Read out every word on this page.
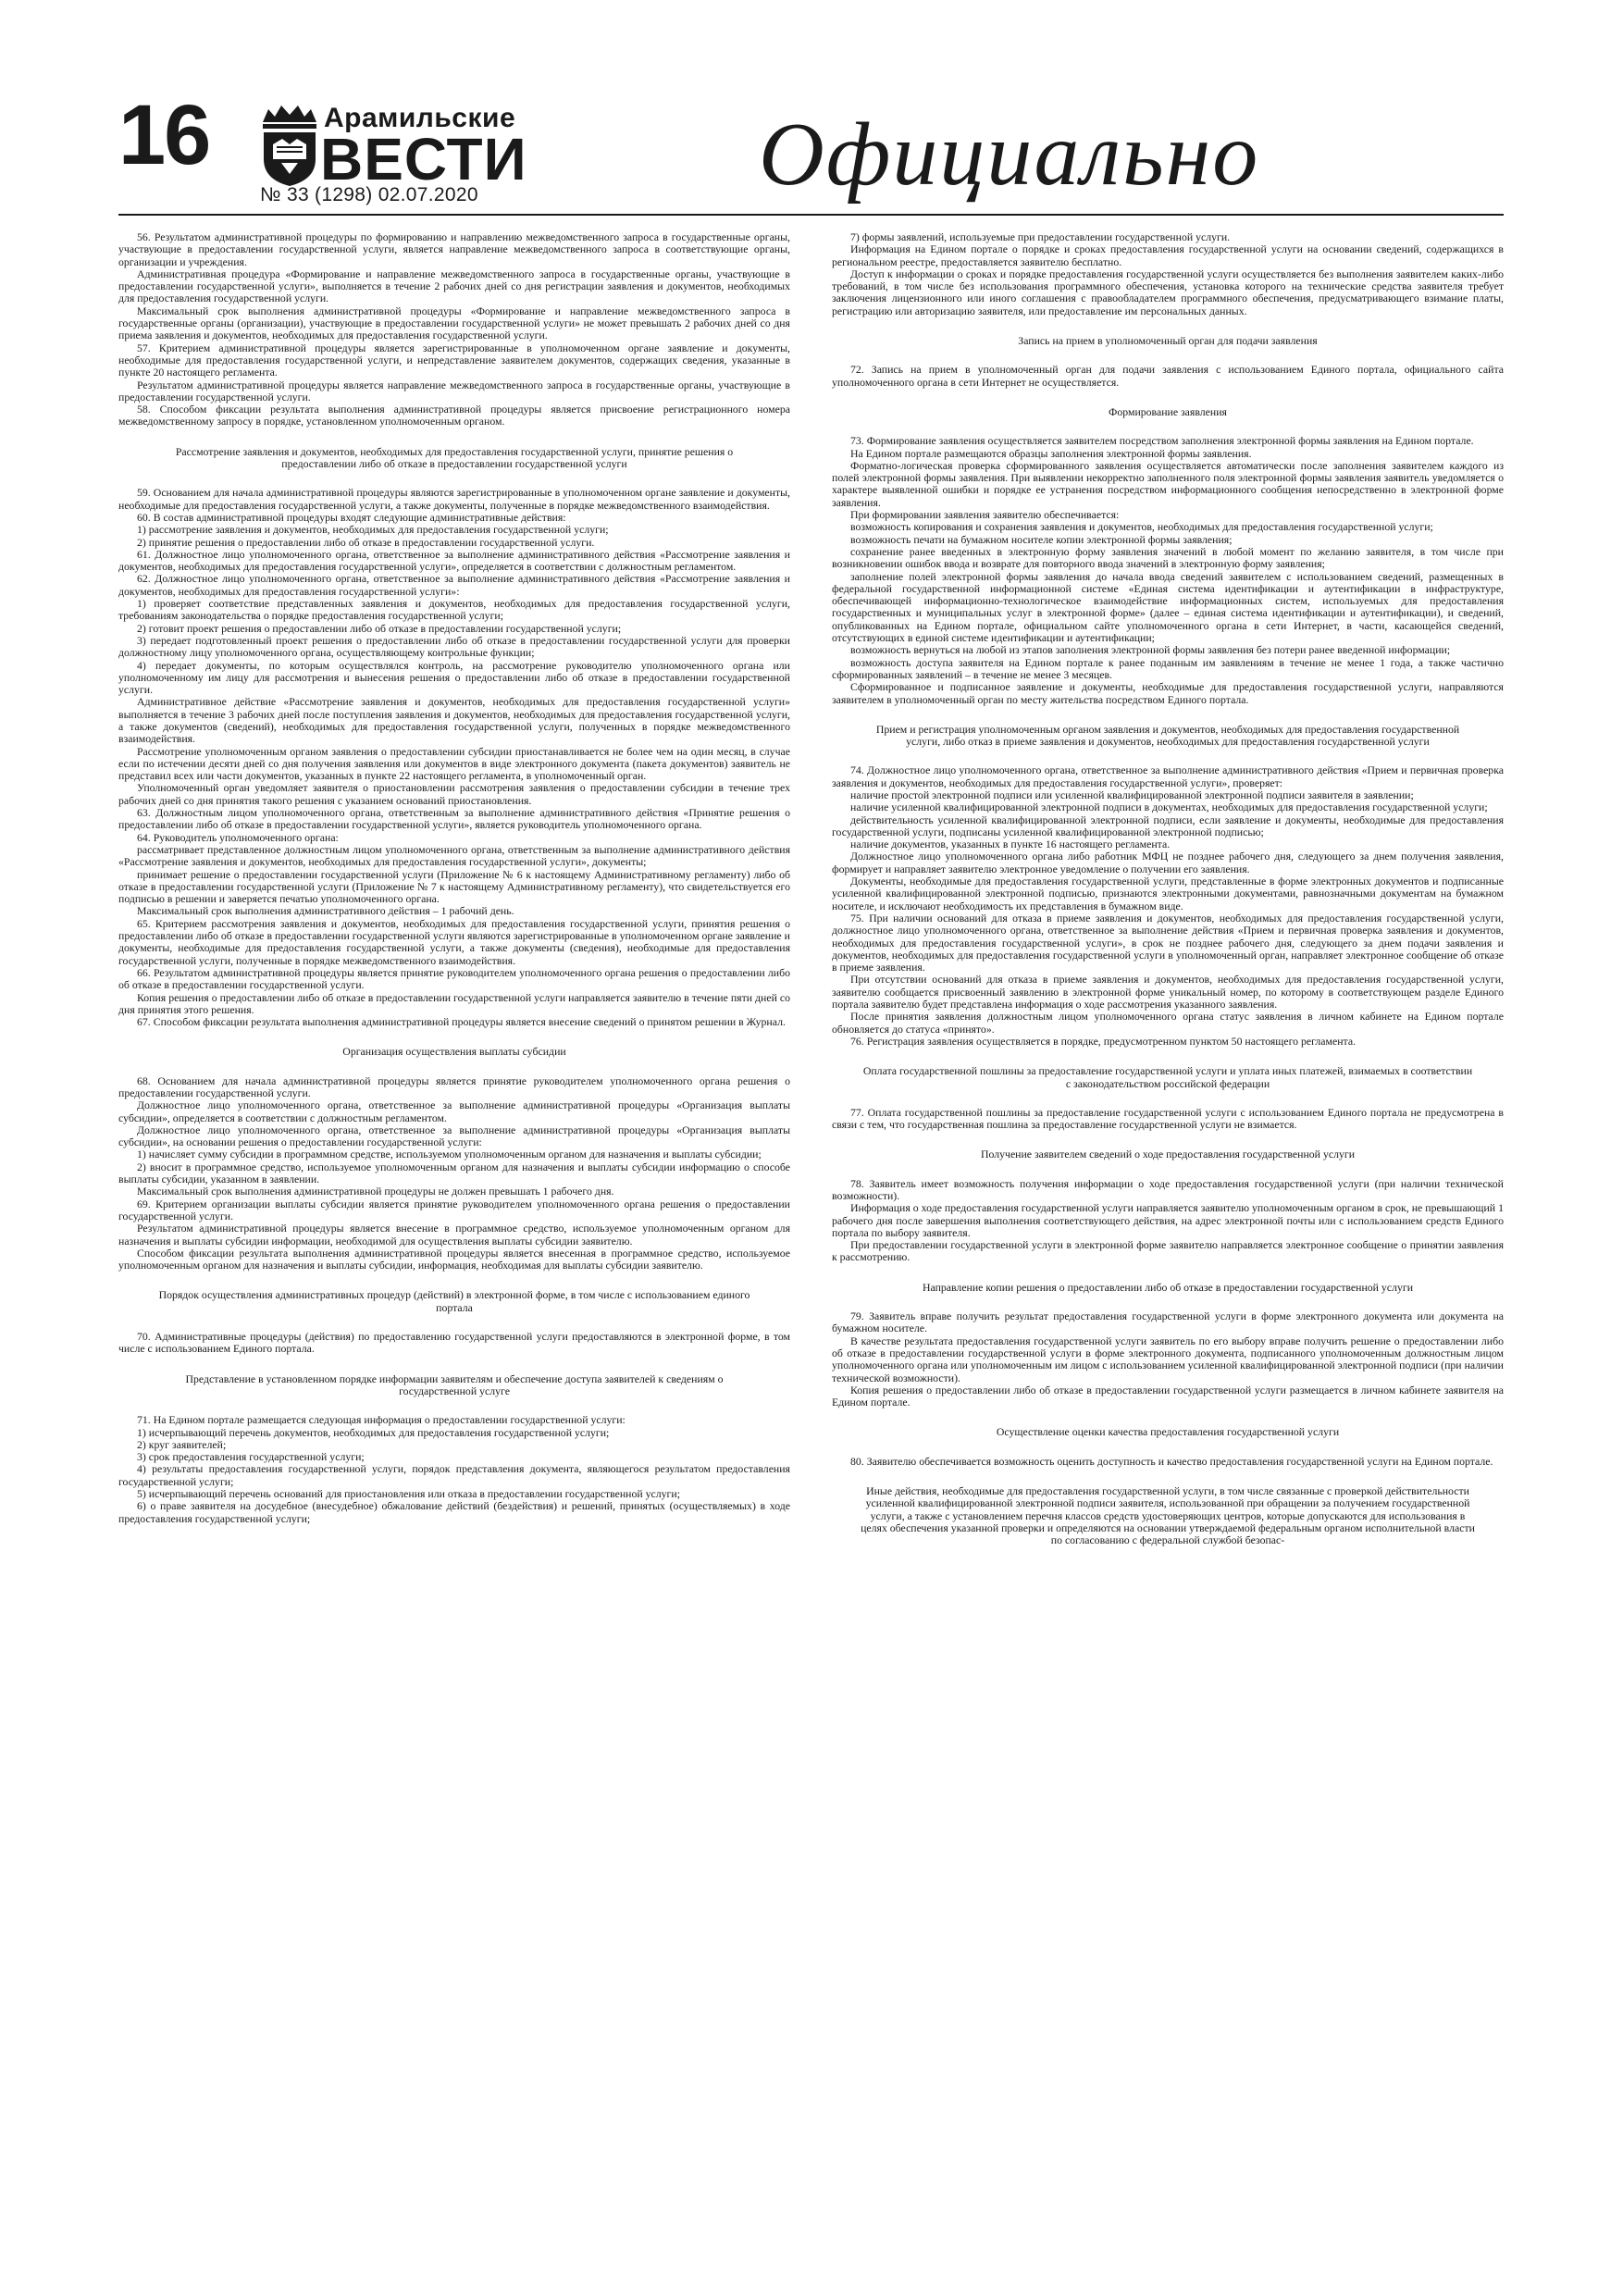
16	Арамильские
ВЕСТИ
№ 33 (1298) 02.07.2020	Официально

56. Результатом административной процедуры по формированию и направлению межведомственного запроса в государственные органы, участвующие в предоставлении государственной услуги, является направление межведомственного запроса в соответствующие органы, организации и учреждения.

Административная процедура «Формирование и направление межведомственного запроса в государственные органы, участвующие в предоставлении государственной услуги», выполняется в течение 2 рабочих дней со дня регистрации заявления и документов, необходимых для предоставления государственной услуги.

Максимальный срок выполнения административной процедуры «Формирование и направление межведомственного запроса в государственные органы (организации), участвующие в предоставлении государственной услуги» не может превышать 2 рабочих дней со дня приема заявления и документов, необходимых для предоставления государственной услуги.

57. Критерием административной процедуры является зарегистрированные в уполномоченном органе заявление и документы, необходимые для предоставления государственной услуги, и непредставление заявителем документов, содержащих сведения, указанные в пункте 20 настоящего регламента.

Результатом административной процедуры является направление межведомственного запроса в государственные органы, участвующие в предоставлении государственной услуги.

58. Способом фиксации результата выполнения административной процедуры является присвоение регистрационного номера межведомственному запросу в порядке, установленном уполномоченным органом.

Рассмотрение заявления и документов, необходимых для предоставления государственной услуги, принятие решения о предоставлении либо об отказе в предоставлении государственной услуги

59. Основанием для начала административной процедуры являются зарегистрированные в уполномоченном органе заявление и документы, необходимые для предоставления государственной услуги, а также документы, полученные в порядке межведомственного взаимодействия.

60. В состав административной процедуры входят следующие административные действия:

1) рассмотрение заявления и документов, необходимых для предоставления государственной услуги;

2) принятие решения о предоставлении либо об отказе в предоставлении государственной услуги.

61. Должностное лицо уполномоченного органа, ответственное за выполнение административного действия «Рассмотрение заявления и документов, необходимых для предоставления государственной услуги», определяется в соответствии с должностным регламентом.

62. Должностное лицо уполномоченного органа, ответственное за выполнение административного действия «Рассмотрение заявления и документов, необходимых для предоставления государственной услуги»:

1) проверяет соответствие представленных заявления и документов, необходимых для предоставления государственной услуги, требованиям законодательства о порядке предоставления государственной услуги;

2) готовит проект решения о предоставлении либо об отказе в предоставлении государственной услуги;

3) передает подготовленный проект решения о предоставлении либо об отказе в предоставлении государственной услуги для проверки должностному лицу уполномоченного органа, осуществляющему контрольные функции;

4) передает документы, по которым осуществлялся контроль, на рассмотрение руководителю уполномоченного органа или уполномоченному им лицу для рассмотрения и вынесения решения о предоставлении либо об отказе в предоставлении государственной услуги.

Административное действие «Рассмотрение заявления и документов, необходимых для предоставления государственной услуги» выполняется в течение 3 рабочих дней после поступления заявления и документов, необходимых для предоставления государственной услуги, а также документов (сведений), необходимых для предоставления государственной услуги, полученных в порядке межведомственного взаимодействия.

Рассмотрение уполномоченным органом заявления о предоставлении субсидии приостанавливается не более чем на один месяц, в случае если по истечении десяти дней со дня получения заявления или документов в виде электронного документа (пакета документов) заявитель не представил всех или части документов, указанных в пункте 22 настоящего регламента, в уполномоченный орган.

Уполномоченный орган уведомляет заявителя о приостановлении рассмотрения заявления о предоставлении субсидии в течение трех рабочих дней со дня принятия такого решения с указанием оснований приостановления.

63. Должностным лицом уполномоченного органа, ответственным за выполнение административного действия «Принятие решения о предоставлении либо об отказе в предоставлении государственной услуги», является руководитель уполномоченного органа.

64. Руководитель уполномоченного органа:

рассматривает представленное должностным лицом уполномоченного органа, ответственным за выполнение административного действия «Рассмотрение заявления и документов, необходимых для предоставления государственной услуги», документы;

принимает решение о предоставлении государственной услуги (Приложение № 6 к настоящему Административному регламенту) либо об отказе в предоставлении государственной услуги (Приложение № 7 к настоящему Административному регламенту), что свидетельствуется его подписью в решении и заверяется печатью уполномоченного органа.

Максимальный срок выполнения административного действия – 1 рабочий день.

65. Критерием рассмотрения заявления и документов, необходимых для предоставления государственной услуги, принятия решения о предоставлении либо об отказе в предоставлении государственной услуги являются зарегистрированные в уполномоченном органе заявление и документы, необходимые для предоставления государственной услуги, а также документы (сведения), необходимые для предоставления государственной услуги, полученные в порядке межведомственного взаимодействия.

66. Результатом административной процедуры является принятие руководителем уполномоченного органа решения о предоставлении либо об отказе в предоставлении государственной услуги.

Копия решения о предоставлении либо об отказе в предоставлении государственной услуги направляется заявителю в течение пяти дней со дня принятия этого решения.

67. Способом фиксации результата выполнения административной процедуры является внесение сведений о принятом решении в Журнал.

Организация осуществления выплаты субсидии

68. Основанием для начала административной процедуры является принятие руководителем уполномоченного органа решения о предоставлении государственной услуги.

Должностное лицо уполномоченного органа, ответственное за выполнение административной процедуры «Организация выплаты субсидии», определяется в соответствии с должностным регламентом.

Должностное лицо уполномоченного органа, ответственное за выполнение административной процедуры «Организация выплаты субсидии», на основании решения о предоставлении государственной услуги:

1) начисляет сумму субсидии в программном средстве, используемом уполномоченным органом для назначения и выплаты субсидии;

2) вносит в программное средство, используемое уполномоченным органом для назначения и выплаты субсидии информацию о способе выплаты субсидии, указанном в заявлении.

Максимальный срок выполнения административной процедуры не должен превышать 1 рабочего дня.

69. Критерием организации выплаты субсидии является принятие руководителем уполномоченного органа решения о предоставлении государственной услуги.

Результатом административной процедуры является внесение в программное средство, используемое уполномоченным органом для назначения и выплаты субсидии информации, необходимой для осуществления выплаты субсидии заявителю.

Способом фиксации результата выполнения административной процедуры является внесенная в программное средство, используемое уполномоченным органом для назначения и выплаты субсидии, информация, необходимая для выплаты субсидии заявителю.

Порядок осуществления административных процедур (действий) в электронной форме, в том числе с использованием единого портала

70. Административные процедуры (действия) по предоставлению государственной услуги предоставляются в электронной форме, в том числе с использованием Единого портала.

Представление в установленном порядке информации заявителям и обеспечение доступа заявителей к сведениям о государственной услуге

71. На Едином портале размещается следующая информация о предоставлении государственной услуги:

1) исчерпывающий перечень документов, необходимых для предоставления государственной услуги;

2) круг заявителей;

3) срок предоставления государственной услуги;

4) результаты предоставления государственной услуги, порядок представления документа, являющегося результатом предоставления государственной услуги;

5) исчерпывающий перечень оснований для приостановления или отказа в предоставлении государственной услуги;

6) о праве заявителя на досудебное (внесудебное) обжалование действий (бездействия) и решений, принятых (осуществляемых) в ходе предоставления государственной услуги;

7) формы заявлений, используемые при предоставлении государственной услуги.

Информация на Едином портале о порядке и сроках предоставления государственной услуги на основании сведений, содержащихся в региональном реестре, предоставляется заявителю бесплатно.

Доступ к информации о сроках и порядке предоставления государственной услуги осуществляется без выполнения заявителем каких-либо требований, в том числе без использования программного обеспечения, установка которого на технические средства заявителя требует заключения лицензионного или иного соглашения с правообладателем программного обеспечения, предусматривающего взимание платы, регистрацию или авторизацию заявителя, или предоставление им персональных данных.

Запись на прием в уполномоченный орган для подачи заявления

72. Запись на прием в уполномоченный орган для подачи заявления с использованием Единого портала, официального сайта уполномоченного органа в сети Интернет не осуществляется.

Формирование заявления

73. Формирование заявления осуществляется заявителем посредством заполнения электронной формы заявления на Едином портале.

На Едином портале размещаются образцы заполнения электронной формы заявления.

Форматно-логическая проверка сформированного заявления осуществляется автоматически после заполнения заявителем каждого из полей электронной формы заявления. При выявлении некорректно заполненного поля электронной формы заявления заявитель уведомляется о характере выявленной ошибки и порядке ее устранения посредством информационного сообщения непосредственно в электронной форме заявления.

При формировании заявления заявителю обеспечивается:

возможность копирования и сохранения заявления и документов, необходимых для предоставления государственной услуги;

возможность печати на бумажном носителе копии электронной формы заявления;

сохранение ранее введенных в электронную форму заявления значений в любой момент по желанию заявителя, в том числе при возникновении ошибок ввода и возврате для повторного ввода значений в электронную форму заявления;

заполнение полей электронной формы заявления до начала ввода сведений заявителем с использованием сведений, размещенных в федеральной государственной информационной системе «Единая система идентификации и аутентификации в инфраструктуре, обеспечивающей информационно-технологическое взаимодействие информационных систем, используемых для предоставления государственных и муниципальных услуг в электронной форме» (далее – единая система идентификации и аутентификации), и сведений, опубликованных на Едином портале, официальном сайте уполномоченного органа в сети Интернет, в части, касающейся сведений, отсутствующих в единой системе идентификации и аутентификации;

возможность вернуться на любой из этапов заполнения электронной формы заявления без потери ранее введенной информации;

возможность доступа заявителя на Едином портале к ранее поданным им заявлениям в течение не менее 1 года, а также частично сформированных заявлений – в течение не менее 3 месяцев.

Сформированное и подписанное заявление и документы, необходимые для предоставления государственной услуги, направляются заявителем в уполномоченный орган по месту жительства посредством Единого портала.

Прием и регистрация уполномоченным органом заявления и документов, необходимых для предоставления государственной услуги, либо отказ в приеме заявления и документов, необходимых для предоставления государственной услуги

74. Должностное лицо уполномоченного органа, ответственное за выполнение административного действия «Прием и первичная проверка заявления и документов, необходимых для предоставления государственной услуги», проверяет:

наличие простой электронной подписи или усиленной квалифицированной электронной подписи заявителя в заявлении;

наличие усиленной квалифицированной электронной подписи в документах, необходимых для предоставления государственной услуги;

действительность усиленной квалифицированной электронной подписи, если заявление и документы, необходимые для предоставления государственной услуги, подписаны усиленной квалифицированной электронной подписью;

наличие документов, указанных в пункте 16 настоящего регламента.

Должностное лицо уполномоченного органа либо работник МФЦ не позднее рабочего дня, следующего за днем получения заявления, формирует и направляет заявителю электронное уведомление о получении его заявления.

Документы, необходимые для предоставления государственной услуги, представленные в форме электронных документов и подписанные усиленной квалифицированной электронной подписью, признаются электронными документами, равнозначными документам на бумажном носителе, и исключают необходимость их представления в бумажном виде.

75. При наличии оснований для отказа в приеме заявления и документов, необходимых для предоставления государственной услуги, должностное лицо уполномоченного органа, ответственное за выполнение действия «Прием и первичная проверка заявления и документов, необходимых для предоставления государственной услуги», в срок не позднее рабочего дня, следующего за днем подачи заявления и документов, необходимых для предоставления государственной услуги в уполномоченный орган, направляет электронное сообщение об отказе в приеме заявления.

При отсутствии оснований для отказа в приеме заявления и документов, необходимых для предоставления государственной услуги, заявителю сообщается присвоенный заявлению в электронной форме уникальный номер, по которому в соответствующем разделе Единого портала заявителю будет представлена информация о ходе рассмотрения указанного заявления.

После принятия заявления должностным лицом уполномоченного органа статус заявления в личном кабинете на Едином портале обновляется до статуса «принято».

76. Регистрация заявления осуществляется в порядке, предусмотренном пунктом 50 настоящего регламента.

Оплата государственной пошлины за предоставление государственной услуги и уплата иных платежей, взимаемых в соответствии с законодательством российской федерации

77. Оплата государственной пошлины за предоставление государственной услуги с использованием Единого портала не предусмотрена в связи с тем, что государственная пошлина за предоставление государственной услуги не взимается.

Получение заявителем сведений о ходе предоставления государственной услуги

78. Заявитель имеет возможность получения информации о ходе предоставления государственной услуги (при наличии технической возможности).

Информация о ходе предоставления государственной услуги направляется заявителю уполномоченным органом в срок, не превышающий 1 рабочего дня после завершения выполнения соответствующего действия, на адрес электронной почты или с использованием средств Единого портала по выбору заявителя.

При предоставлении государственной услуги в электронной форме заявителю направляется электронное сообщение о принятии заявления к рассмотрению.

Направление копии решения о предоставлении либо об отказе в предоставлении государственной услуги

79. Заявитель вправе получить результат предоставления государственной услуги в форме электронного документа или документа на бумажном носителе.

В качестве результата предоставления государственной услуги заявитель по его выбору вправе получить решение о предоставлении либо об отказе в предоставлении государственной услуги в форме электронного документа, подписанного уполномоченным должностным лицом уполномоченного органа или уполномоченным им лицом с использованием усиленной квалифицированной электронной подписи (при наличии технической возможности).

Копия решения о предоставлении либо об отказе в предоставлении государственной услуги размещается в личном кабинете заявителя на Едином портале.

Осуществление оценки качества предоставления государственной услуги

80. Заявителю обеспечивается возможность оценить доступность и качество предоставления государственной услуги на Едином портале.

Иные действия, необходимые для предоставления государственной услуги, в том числе связанные с проверкой действительности усиленной квалифицированной электронной подписи заявителя, использованной при обращении за получением государственной услуги, а также с установлением перечня классов средств удостоверяющих центров, которые допускаются для использования в целях обеспечения указанной проверки и определяются на основании утверждаемой федеральным органом исполнительной власти по согласованию с федеральной службой безопас-
